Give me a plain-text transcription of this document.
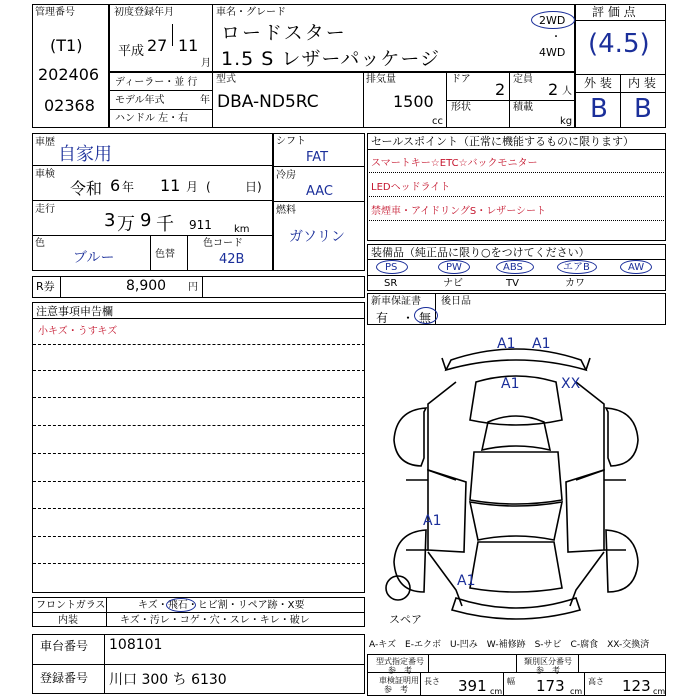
管理番号
(T1)
202406
02368
初度登録年月
平成 27 11
月
車名・グレード
ロードスター
1.5 S レザーパッケージ
2WD
・
4WD
評 価 点
(4.5)
外 装 内 装
B B
ディーラー・並 行
モデル年式	年
ハンドル 左・右
型式
DBA-ND5RC
排気量
1500
cc
ドア
2
定員
2 人
形状	積載
kg
車歴
自家用
車検
令和 6 年 11 月 (	日)
走行
3 万 9 千 911 km
色
ブルー	色替
色コード
42B
シフト
FAT
冷房
AAC
燃料
ガソリン
セールスポイント（正常に機能するものに限ります）
スマートキー☆ETC☆バックモニター
LEDヘッドライト
禁煙車・アイドリングS・レザーシート
装備品（純正品に限り○をつけてください）
PS	PW	ABS	エアB	AW
SR	ナビ	TV	カワ
R券	8,900 円
新車保証書 後日品
有 ・ 無
注意事項申告欄
小キズ・うすキズ
A1 A1
A1	XX
A1
A1
スペア
フロントガラス	キズ・飛石・ヒビ割・リペア跡・X要
内装	キズ・汚レ・コゲ・穴・スレ・キレ・破レ
車台番号 108101
登録番号 川口 300 ち 6130
A-キズ　E-エクボ　U-凹み　W-補修跡　S-サビ　C-腐食　XX-交換済
型式指定番号
参　考
類別区分番号
参　考
車検証明用
参　考
長さ 391 cm
幅 173 cm
高さ 123 cm
